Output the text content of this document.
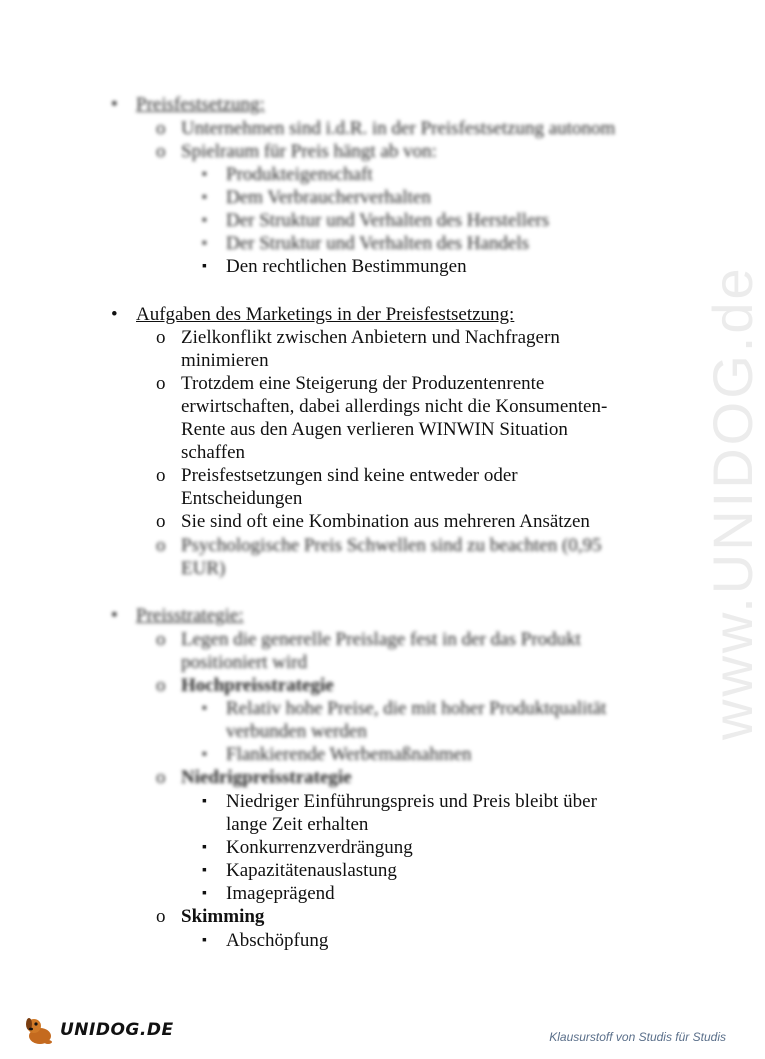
www.UNIDOG.de
• Preisfestsetzung:
o Unternehmen sind i.d.R. in der Preisfestsetzung autonom
o Spielraum für Preis hängt ab von:
▪ Produkteigenschaft
▪ Dem Verbraucherverhalten
▪ Der Struktur und Verhalten des Herstellers
▪ Der Struktur und Verhalten des Handels
▪ Den rechtlichen Bestimmungen
• Aufgaben des Marketings in der Preisfestsetzung:
o Zielkonflikt zwischen Anbietern und Nachfragern
minimieren
o Trotzdem eine Steigerung der Produzentenrente
erwirtschaften, dabei allerdings nicht die Konsumenten-
Rente aus den Augen verlieren WINWIN Situation
schaffen
o Preisfestsetzungen sind keine entweder oder
Entscheidungen
o Sie sind oft eine Kombination aus mehreren Ansätzen
o Psychologische Preis Schwellen sind zu beachten (0,95
EUR)
• Preisstrategie:
o Legen die generelle Preislage fest in der das Produkt
positioniert wird
o Hochpreisstrategie
▪ Relativ hohe Preise, die mit hoher Produktqualität
verbunden werden
▪ Flankierende Werbemaßnahmen
o Niedrigpreisstrategie
▪ Niedriger Einführungspreis und Preis bleibt über
lange Zeit erhalten
▪ Konkurrenzverdrängung
▪ Kapazitätenauslastung
▪ Imageprägend
o Skimming
▪ Abschöpfung
UNIDOG.DE	Klausurstoff von Studis für Studis
